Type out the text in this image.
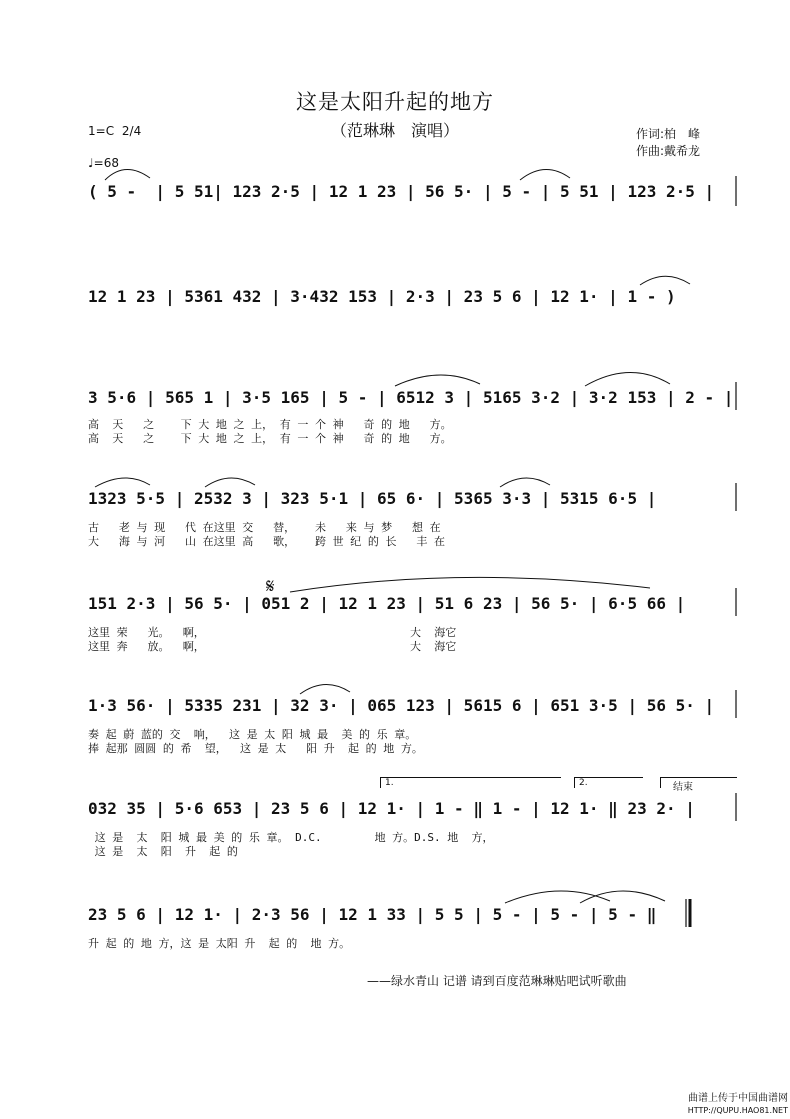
这是太阳升起的地方
（范琳琳　演唱）
1=C 2/4
♩=68
作词:柏　峰
作曲:戴希龙
( 5 -  | 5 51| 123 2·5 | 12 1 23 | 56 5· | 5 - | 5 51 | 123 2·5 |
12 1 23 | 5361 432 | 3·432 153 | 2·3 | 23 5 6 | 12 1· | 1 - )
3 5·6 | 565 1 | 3·5 165 | 5 - | 6512 3 | 5165 3·2 | 3·2 153 | 2 - |
高  天   之    下 大 地 之 上， 有 一 个 神   奇 的 地   方。
高  天   之    下 大 地 之 上， 有 一 个 神   奇 的 地   方。
1323 5·5 | 2532 3 | 323 5·1 | 65 6· | 5365 3·3 | 5315 6·5 |
古   老 与 现   代 在这里 交   替，   未   来 与 梦   想 在
大   海 与 河   山 在这里 高   歌，   跨 世 纪 的 长   丰 在
151 2·3 | 56 5· | 051 2 | 12 1 23 | 51 6 23 | 56 5· | 6·5 66 |
这里 荣   光。  啊，                               大  海它
这里 奔   放。  啊，                               大  海它
𝄋
1·3 56· | 5335 231 | 32 3· | 065 123 | 5615 6 | 651 3·5 | 56 5· |
奏 起 蔚 蓝的 交  响，  这 是 太 阳 城 最  美 的 乐 章。
捧 起那 圆圆 的 希  望，  这 是 太   阳 升  起 的 地 方。
1.	2.	结束
032 35 | 5·6 653 | 23 5 6 | 12 1· | 1 - ‖ 1 - | 12 1· ‖ 23 2· |
这 是  太  阳 城 最 美 的 乐 章。 D.C.        地 方。D.S. 地  方，
这 是  太  阳  升  起 的
23 5 6 | 12 1· | 2·3 56 | 12 1 33 | 5 5 | 5 - | 5 - | 5 - ‖
升 起 的 地 方，这 是 太阳 升  起 的  地 方。
——绿水青山 记谱 请到百度范琳琳贴吧试听歌曲
曲谱上传于中国曲谱网
HTTP://QUPU.HAO81.NET
